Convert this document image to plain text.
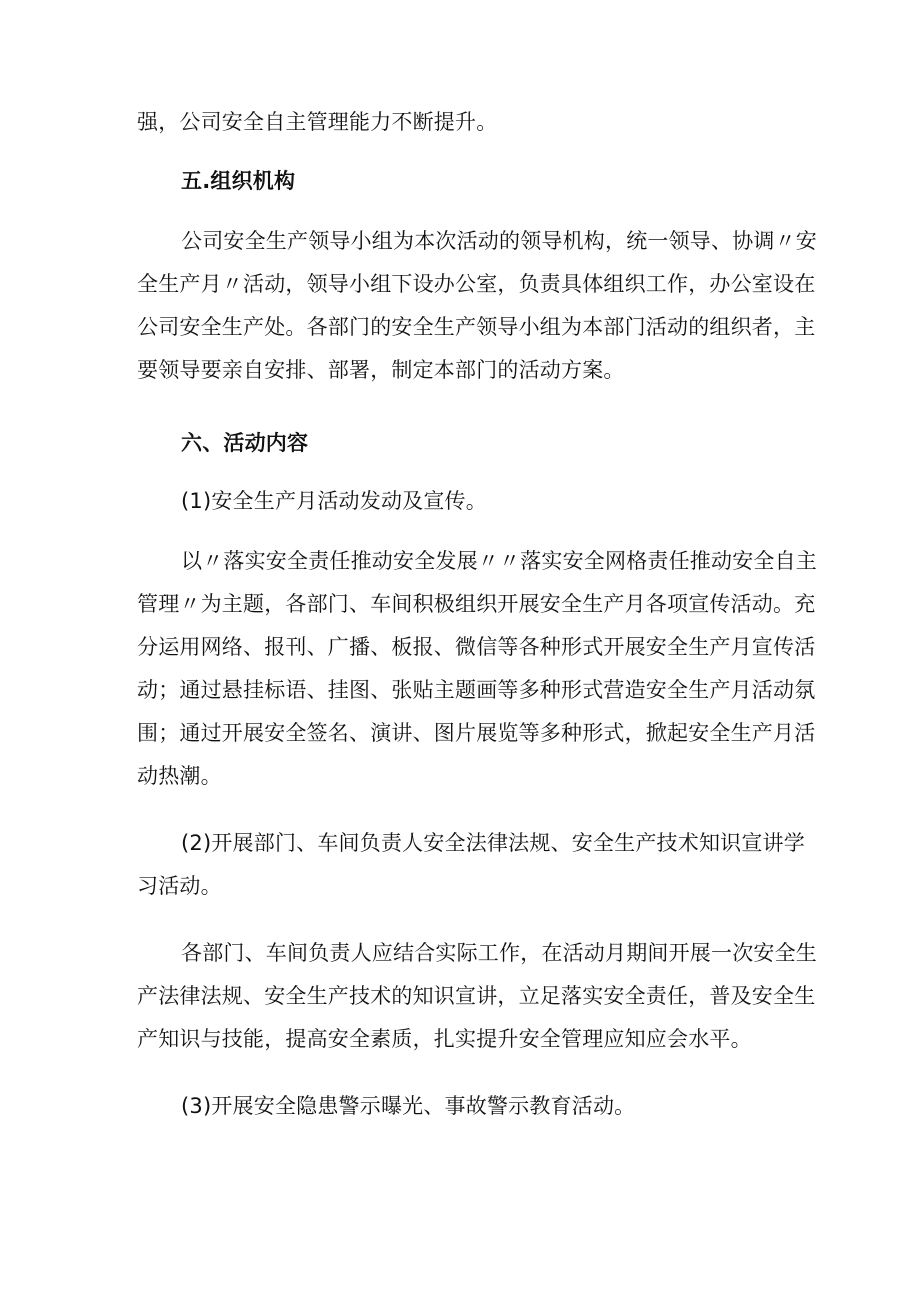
强，公司安全自主管理能力不断提升。
五.组织机构
公司安全生产领导小组为本次活动的领导机构，统一领导、协调〃安
全生产月〃活动，领导小组下设办公室，负责具体组织工作，办公室设在
公司安全生产处。各部门的安全生产领导小组为本部门活动的组织者，主
要领导要亲自安排、部署，制定本部门的活动方案。
六、活动内容
(1)安全生产月活动发动及宣传。
以〃落实安全责任推动安全发展〃〃落实安全网格责任推动安全自主
管理〃为主题，各部门、车间积极组织开展安全生产月各项宣传活动。充
分运用网络、报刊、广播、板报、微信等各种形式开展安全生产月宣传活
动；通过悬挂标语、挂图、张贴主题画等多种形式营造安全生产月活动氛
围；通过开展安全签名、演讲、图片展览等多种形式，掀起安全生产月活
动热潮。
(2)开展部门、车间负责人安全法律法规、安全生产技术知识宣讲学
习活动。
各部门、车间负责人应结合实际工作，在活动月期间开展一次安全生
产法律法规、安全生产技术的知识宣讲，立足落实安全责任，普及安全生
产知识与技能，提高安全素质，扎实提升安全管理应知应会水平。
(3)开展安全隐患警示曝光、事故警示教育活动。
